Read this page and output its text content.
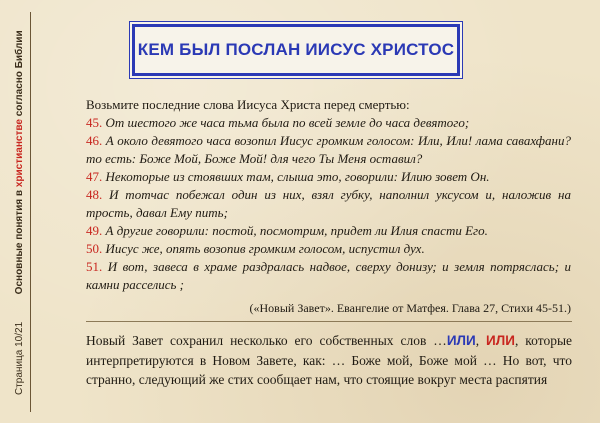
Страница 10/21  Основные понятия в христианстве согласно Библии	КЕМ БЫЛ ПОСЛАН ИИСУС ХРИСТОС

Возьмите последние слова Иисуса Христа перед смертью:

45. От шестого же часа тьма была по всей земле до часа девятого;

46. А около девятого часа возопил Иисус громким голосом: Или, Или! лама савахфани? то есть: Боже Мой, Боже Мой! для чего Ты Меня оставил?

47. Некоторые из стоявших там, слыша это, говорили: Илию зовет Он.

48. И тотчас побежал один из них, взял губку, наполнил уксусом и, наложив на трость, давал Ему пить;

49. А другие говорили: постой, посмотрим, придет ли Илия спасти Его.

50. Иисус же, опять возопив громким голосом, испустил дух.

51. И вот, завеса в храме раздралась надвое, сверху донизу; и земля потряслась; и камни расселись ;

(«Новый Завет». Евангелие от Матфея. Глава 27, Стихи 45-51.)

Новый Завет сохранил несколько его собственных слов …ИЛИ, ИЛИ, которые интерпретируются в Новом Завете, как: … Боже мой, Боже мой … Но вот, что странно, следующий же стих сообщает нам, что стоящие вокруг места распятия
